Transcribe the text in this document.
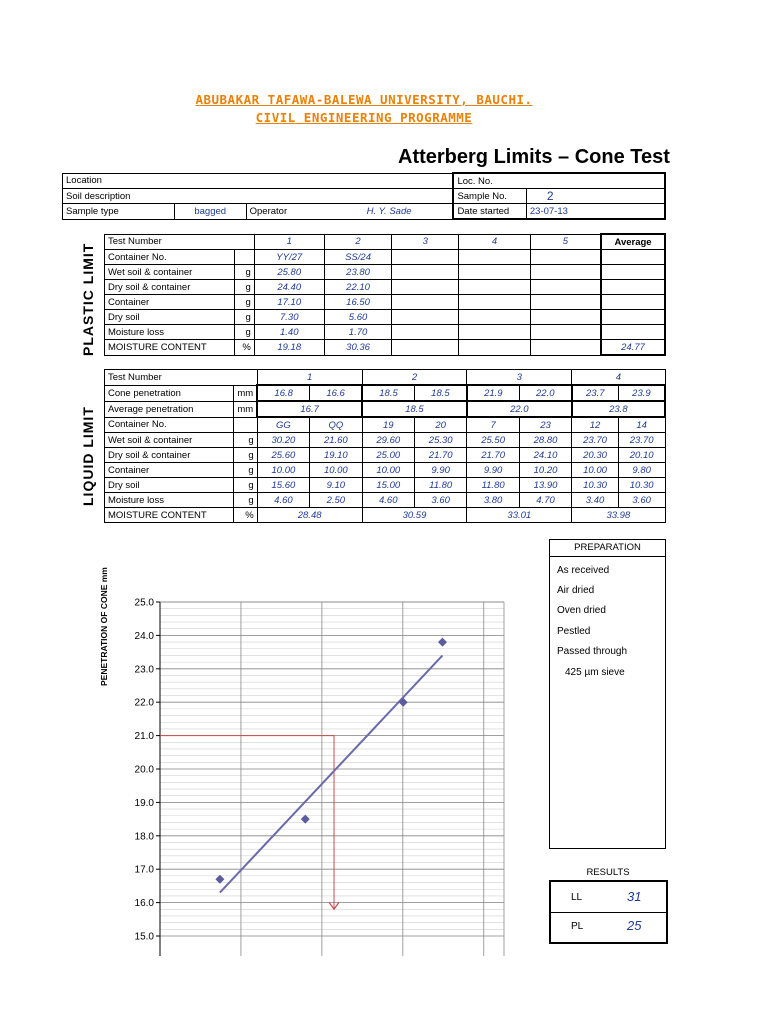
ABUBAKAR TAFAWA-BALEWA UNIVERSITY, BAUCHI.
CIVIL ENGINEERING PROGRAMME
Atterberg Limits – Cone Test
Location			Loc. No.	
Soil description			Sample No.	2
Sample type	bagged	Operator H. Y. Sade	Date started	23-07-13
PLASTIC LIMIT
Test Number		1	2	3	4	5	Average
Container No.		YY/27	SS/24				
Wet soil & container	g	25.80	23.80				
Dry soil & container	g	24.40	22.10				
Container	g	17.10	16.50				
Dry soil	g	7.30	5.60				
Moisture loss	g	1.40	1.70				
MOISTURE CONTENT	%	19.18	30.36				24.77
LIQUID LIMIT
Test Number		1		2		3		4	
Cone penetration	mm	16.8	16.6	18.5	18.5	21.9	22.0	23.7	23.9
Average penetration	mm	16.7		18.5		22.0		23.8	
Container No.		GG	QQ	19	20	7	23	12	14
Wet soil & container	g	30.20	21.60	29.60	25.30	25.50	28.80	23.70	23.70
Dry soil & container	g	25.60	19.10	25.00	21.70	21.70	24.10	20.30	20.10
Container	g	10.00	10.00	10.00	9.90	9.90	10.20	10.00	9.80
Dry soil	g	15.60	9.10	15.00	11.80	11.80	13.90	10.30	10.30
Moisture loss	g	4.60	2.50	4.60	3.60	3.80	4.70	3.40	3.60
MOISTURE CONTENT	%	28.48		30.59		33.01		33.98	
PENETRATION OF CONE mm
15.0
16.0
17.0
18.0
19.0
20.0
21.0
22.0
23.0
24.0
25.0
PREPARATION
As received
Air dried
Oven dried
Pestled
Passed through
425 µm sieve
RESULTS
LL	31
PL	25
